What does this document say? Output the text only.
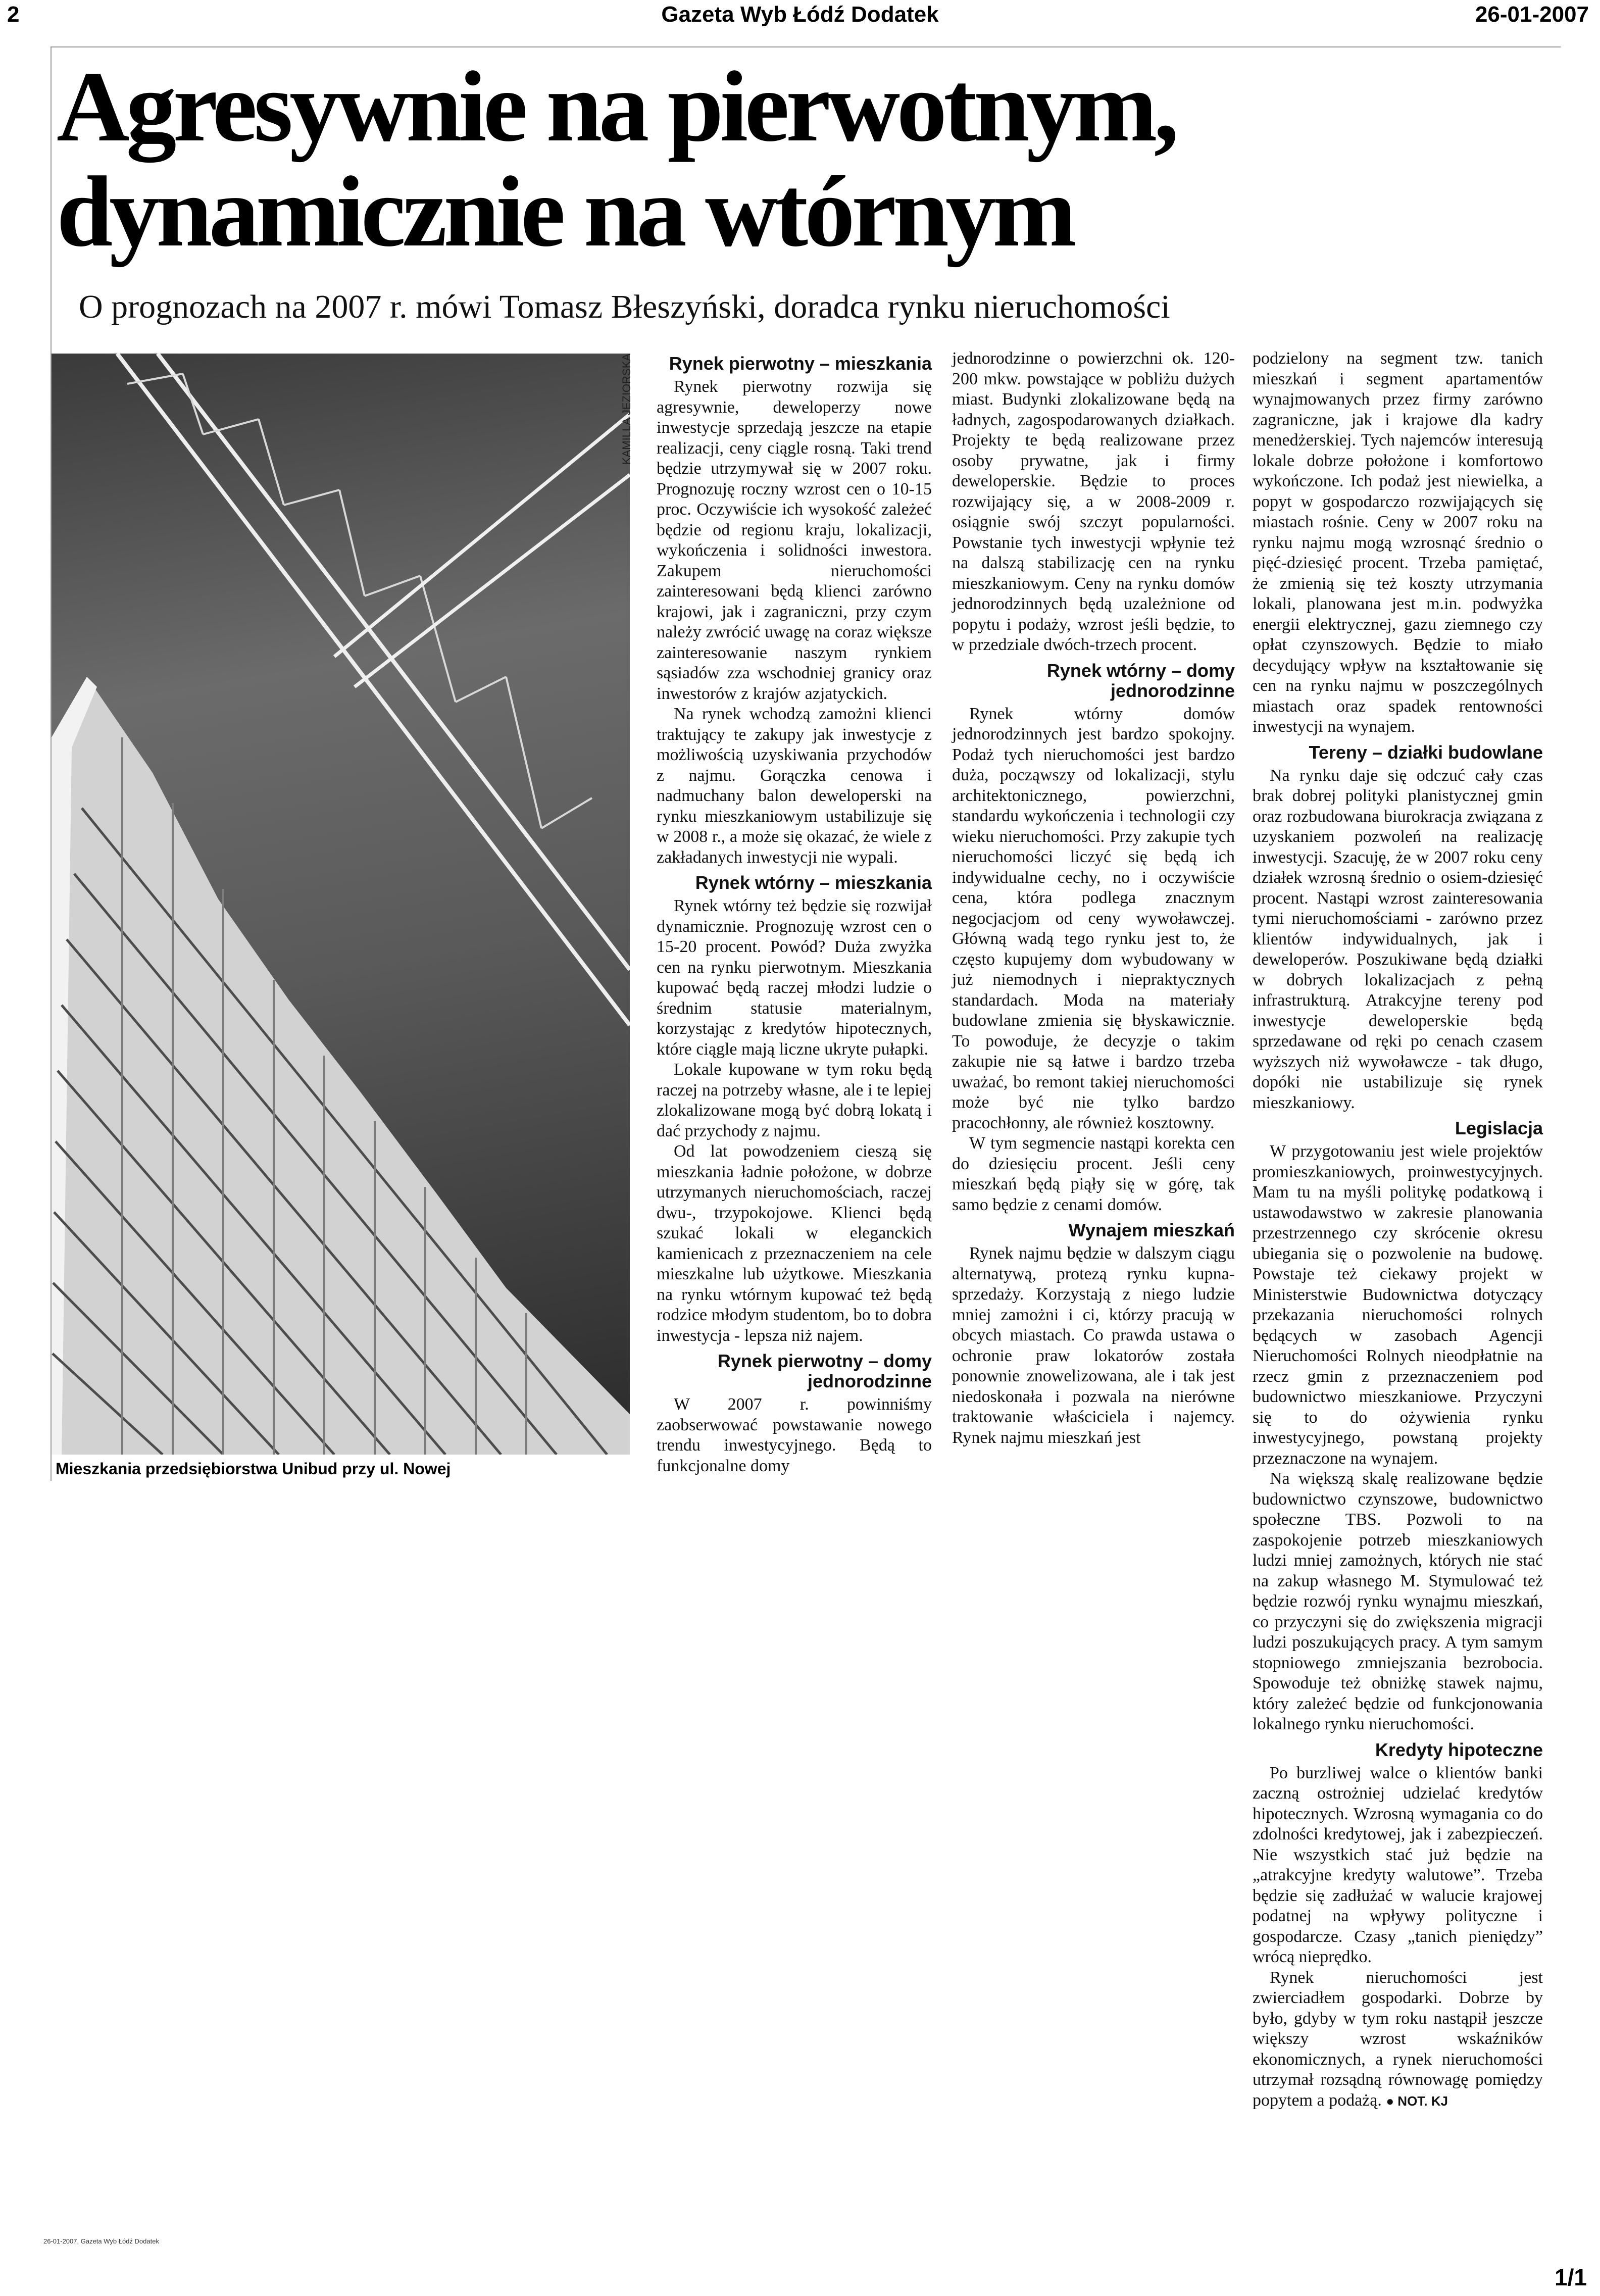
2	Gazeta Wyb Łódź Dodatek	26-01-2007
Agresywnie na pierwotnym,
dynamicznie na wtórnym
O prognozach na 2007 r. mówi Tomasz Błeszyński, doradca rynku nieruchomości
KAMILLA JEZIORSKA
Mieszkania przedsiębiorstwa Unibud przy ul. Nowej
Rynek pierwotny – mieszkania

Rynek pierwotny rozwija się agresywnie, deweloperzy nowe inwestycje sprzedają jeszcze na etapie realizacji, ceny ciągle rosną. Taki trend będzie utrzymywał się w 2007 roku. Prognozuję roczny wzrost cen o 10-15 proc. Oczywiście ich wysokość zależeć będzie od regionu kraju, lokalizacji, wykończenia i solidności inwestora. Zakupem nieruchomości zainteresowani będą klienci zarówno krajowi, jak i zagraniczni, przy czym należy zwrócić uwagę na coraz większe zainteresowanie naszym rynkiem sąsiadów zza wschodniej granicy oraz inwestorów z krajów azjatyckich.

Na rynek wchodzą zamożni klienci traktujący te zakupy jak inwestycje z możliwością uzyskiwania przychodów z najmu. Gorączka cenowa i nadmuchany balon deweloperski na rynku mieszkaniowym ustabilizuje się w 2008 r., a może się okazać, że wiele z zakładanych inwestycji nie wypali.

Rynek wtórny – mieszkania

Rynek wtórny też będzie się rozwijał dynamicznie. Prognozuję wzrost cen o 15-20 procent. Powód? Duża zwyżka cen na rynku pierwotnym. Mieszkania kupować będą raczej młodzi ludzie o średnim statusie materialnym, korzystając z kredytów hipotecznych, które ciągle mają liczne ukryte pułapki.

Lokale kupowane w tym roku będą raczej na potrzeby własne, ale i te lepiej zlokalizowane mogą być dobrą lokatą i dać przychody z najmu.

Od lat powodzeniem cieszą się mieszkania ładnie położone, w dobrze utrzymanych nieruchomościach, raczej dwu-, trzypokojowe. Klienci będą szukać lokali w eleganckich kamienicach z przeznaczeniem na cele mieszkalne lub użytkowe. Mieszkania na rynku wtórnym kupować też będą rodzice młodym studentom, bo to dobra inwestycja - lepsza niż najem.

Rynek pierwotny – domy jednorodzinne

W 2007 r. powinniśmy zaobserwować powstawanie nowego trendu inwestycyjnego. Będą to funkcjonalne domy

jednorodzinne o powierzchni ok. 120-200 mkw. powstające w pobliżu dużych miast. Budynki zlokalizowane będą na ładnych, zagospodarowanych działkach. Projekty te będą realizowane przez osoby prywatne, jak i firmy deweloperskie. Będzie to proces rozwijający się, a w 2008-2009 r. osiągnie swój szczyt popularności. Powstanie tych inwestycji wpłynie też na dalszą stabilizację cen na rynku mieszkaniowym. Ceny na rynku domów jednorodzinnych będą uzależnione od popytu i podaży, wzrost jeśli będzie, to w przedziale dwóch-trzech procent.

Rynek wtórny – domy jednorodzinne

Rynek wtórny domów jednorodzinnych jest bardzo spokojny. Podaż tych nieruchomości jest bardzo duża, począwszy od lokalizacji, stylu architektonicznego, powierzchni, standardu wykończenia i technologii czy wieku nieruchomości. Przy zakupie tych nieruchomości liczyć się będą ich indywidualne cechy, no i oczywiście cena, która podlega znacznym negocjacjom od ceny wywoławczej. Główną wadą tego rynku jest to, że często kupujemy dom wybudowany w już niemodnych i niepraktycznych standardach. Moda na materiały budowlane zmienia się błyskawicznie. To powoduje, że decyzje o takim zakupie nie są łatwe i bardzo trzeba uważać, bo remont takiej nieruchomości może być nie tylko bardzo pracochłonny, ale również kosztowny.

W tym segmencie nastąpi korekta cen do dziesięciu procent. Jeśli ceny mieszkań będą piąły się w górę, tak samo będzie z cenami domów.

Wynajem mieszkań

Rynek najmu będzie w dalszym ciągu alternatywą, protezą rynku kupna-sprzedaży. Korzystają z niego ludzie mniej zamożni i ci, którzy pracują w obcych miastach. Co prawda ustawa o ochronie praw lokatorów została ponownie znowelizowana, ale i tak jest niedoskonała i pozwala na nierówne traktowanie właściciela i najemcy. Rynek najmu mieszkań jest

podzielony na segment tzw. tanich mieszkań i segment apartamentów wynajmowanych przez firmy zarówno zagraniczne, jak i krajowe dla kadry menedżerskiej. Tych najemców interesują lokale dobrze położone i komfortowo wykończone. Ich podaż jest niewielka, a popyt w gospodarczo rozwijających się miastach rośnie. Ceny w 2007 roku na rynku najmu mogą wzrosnąć średnio o pięć-dziesięć procent. Trzeba pamiętać, że zmienią się też koszty utrzymania lokali, planowana jest m.in. podwyżka energii elektrycznej, gazu ziemnego czy opłat czynszowych. Będzie to miało decydujący wpływ na kształtowanie się cen na rynku najmu w poszczególnych miastach oraz spadek rentowności inwestycji na wynajem.

Tereny – działki budowlane

Na rynku daje się odczuć cały czas brak dobrej polityki planistycznej gmin oraz rozbudowana biurokracja związana z uzyskaniem pozwoleń na realizację inwestycji. Szacuję, że w 2007 roku ceny działek wzrosną średnio o osiem-dziesięć procent. Nastąpi wzrost zainteresowania tymi nieruchomościami - zarówno przez klientów indywidualnych, jak i deweloperów. Poszukiwane będą działki w dobrych lokalizacjach z pełną infrastrukturą. Atrakcyjne tereny pod inwestycje deweloperskie będą sprzedawane od ręki po cenach czasem wyższych niż wywoławcze - tak długo, dopóki nie ustabilizuje się rynek mieszkaniowy.

Legislacja

W przygotowaniu jest wiele projektów promieszkaniowych, proinwestycyjnych. Mam tu na myśli politykę podatkową i ustawodawstwo w zakresie planowania przestrzennego czy skrócenie okresu ubiegania się o pozwolenie na budowę. Powstaje też ciekawy projekt w Ministerstwie Budownictwa dotyczący przekazania nieruchomości rolnych będących w zasobach Agencji Nieruchomości Rolnych nieodpłatnie na rzecz gmin z przeznaczeniem pod budownictwo mieszkaniowe. Przyczyni się to do ożywienia rynku inwestycyjnego, powstaną projekty przeznaczone na wynajem.

Na większą skalę realizowane będzie budownictwo czynszowe, budownictwo społeczne TBS. Pozwoli to na zaspokojenie potrzeb mieszkaniowych ludzi mniej zamożnych, których nie stać na zakup własnego M. Stymulować też będzie rozwój rynku wynajmu mieszkań, co przyczyni się do zwiększenia migracji ludzi poszukujących pracy. A tym samym stopniowego zmniejszania bezrobocia. Spowoduje też obniżkę stawek najmu, który zależeć będzie od funkcjonowania lokalnego rynku nieruchomości.

Kredyty hipoteczne

Po burzliwej walce o klientów banki zaczną ostrożniej udzielać kredytów hipotecznych. Wzrosną wymagania co do zdolności kredytowej, jak i zabezpieczeń. Nie wszystkich stać już będzie na „atrakcyjne kredyty walutowe”. Trzeba będzie się zadłużać w walucie krajowej podatnej na wpływy polityczne i gospodarcze. Czasy „tanich pieniędzy” wrócą nieprędko.

Rynek nieruchomości jest zwierciadłem gospodarki. Dobrze by było, gdyby w tym roku nastąpił jeszcze większy wzrost wskaźników ekonomicznych, a rynek nieruchomości utrzymał rozsądną równowagę pomiędzy popytem a podażą. ● NOT. KJ

26-01-2007, Gazeta Wyb Łódź Dodatek
1/1
